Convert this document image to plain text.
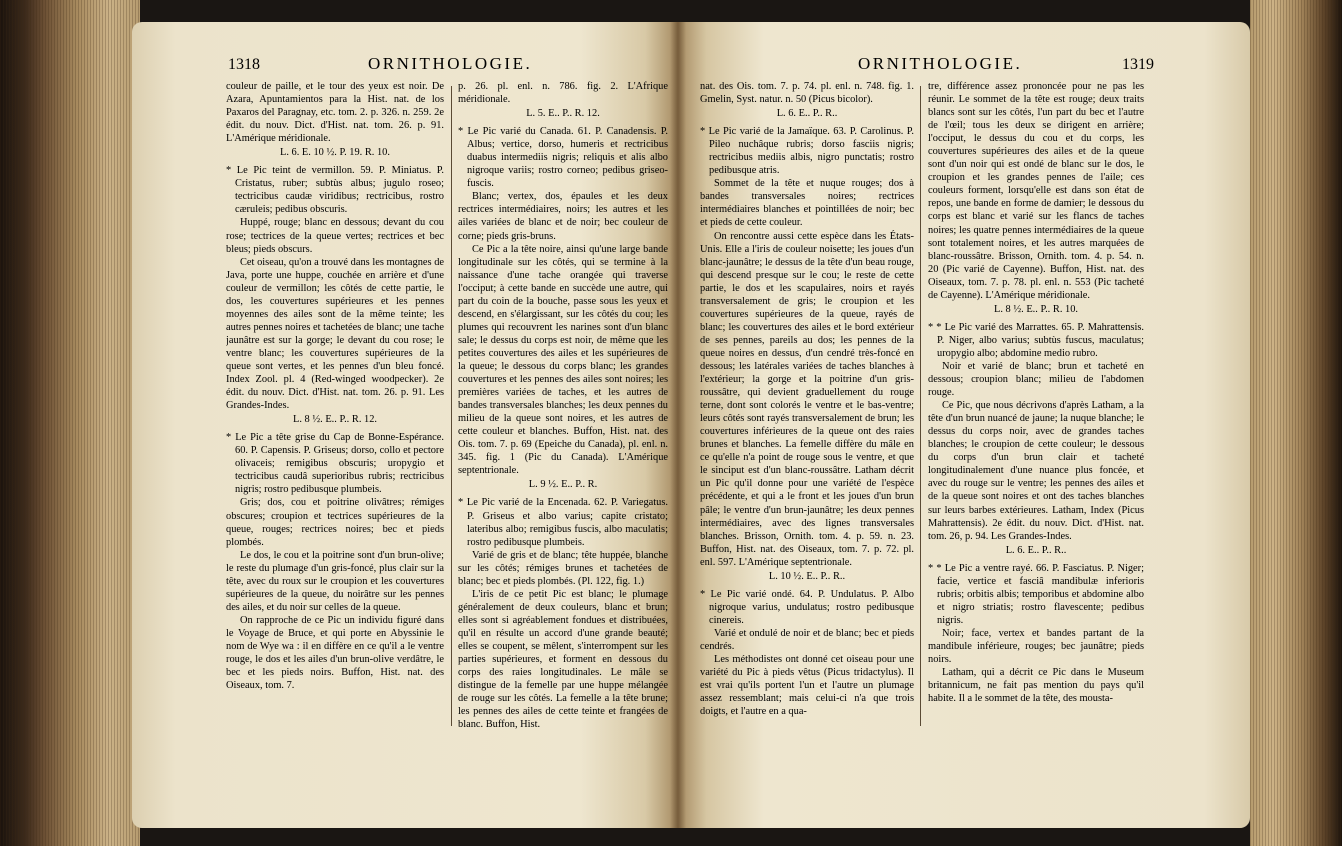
1318	ORNITHOLOGIE.	ORNITHOLOGIE.	1319

couleur de paille, et le tour des yeux est noir. De Azara, Apuntamientos para la Hist. nat. de los Paxaros del Paragnay, etc. tom. 2. p. 326. n. 259. 2e édit. du nouv. Dict. d'Hist. nat. tom. 26. p. 91. L'Amérique méridionale.

L. 6. E. 10 ½. P. 19. R. 10.

* Le Pic teint de vermillon. 59. P. Miniatus. P. Cristatus, ruber; subtùs albus; jugulo roseo; tectricibus caudæ viridibus; rectricibus, rostro cæruleis; pedibus obscuris.

Huppé, rouge; blanc en dessous; devant du cou rose; tectrices de la queue vertes; rectrices et bec bleus; pieds obscurs.

Cet oiseau, qu'on a trouvé dans les montagnes de Java, porte une huppe, couchée en arrière et d'une couleur de vermillon; les côtés de cette partie, le dos, les couvertures supérieures et les pennes moyennes des ailes sont de la même teinte; les autres pennes noires et tachetées de blanc; une tache jaunâtre est sur la gorge; le devant du cou rose; le ventre blanc; les couvertures supérieures de la queue sont vertes, et les pennes d'un bleu foncé. Index Zool. pl. 4 (Red-winged woodpecker). 2e édit. du nouv. Dict. d'Hist. nat. tom. 26. p. 91. Les Grandes-Indes.

L. 8 ½. E.. P.. R. 12.

* Le Pic a tête grise du Cap de Bonne-Espérance. 60. P. Capensis. P. Griseus; dorso, collo et pectore olivaceis; remigibus obscuris; uropygio et tectricibus caudâ superioribus rubris; rectricibus nigris; rostro pedibusque plumbeis.

Gris; dos, cou et poitrine olivâtres; rémiges obscures; croupion et tectrices supérieures de la queue, rouges; rectrices noires; bec et pieds plombés.

Le dos, le cou et la poitrine sont d'un brun-olive; le reste du plumage d'un gris-foncé, plus clair sur la tête, avec du roux sur le croupion et les couvertures supérieures de la queue, du noirâtre sur les pennes des ailes, et du noir sur celles de la queue.

On rapproche de ce Pic un individu figuré dans le Voyage de Bruce, et qui porte en Abyssinie le nom de Wye wa : il en diffère en ce qu'il a le ventre rouge, le dos et les ailes d'un brun-olive verdâtre, le bec et les pieds noirs. Buffon, Hist. nat. des Oiseaux, tom. 7.

p. 26. pl. enl. n. 786. fig. 2. L'Afrique méridionale.

L. 5. E.. P.. R. 12.

* Le Pic varié du Canada. 61. P. Canadensis. P. Albus; vertice, dorso, humeris et rectricibus duabus intermediis nigris; reliquis et alis albo nigroque variis; rostro corneo; pedibus griseo-fuscis.

Blanc; vertex, dos, épaules et les deux rectrices intermédiaires, noirs; les autres et les ailes variées de blanc et de noir; bec couleur de corne; pieds gris-bruns.

Ce Pic a la tête noire, ainsi qu'une large bande longitudinale sur les côtés, qui se termine à la naissance d'une tache orangée qui traverse l'occiput; à cette bande en succède une autre, qui part du coin de la bouche, passe sous les yeux et descend, en s'élargissant, sur les côtés du cou; les plumes qui recouvrent les narines sont d'un blanc sale; le dessus du corps est noir, de même que les petites couvertures des ailes et les supérieures de la queue; le dessous du corps blanc; les grandes couvertures et les pennes des ailes sont noires; les premières variées de taches, et les autres de bandes transversales blanches; les deux pennes du milieu de la queue sont noires, et les autres de cette couleur et blanches. Buffon, Hist. nat. des Ois. tom. 7. p. 69 (Epeiche du Canada), pl. enl. n. 345. fig. 1 (Pic du Canada). L'Amérique septentrionale.

L. 9 ½. E.. P.. R.

* Le Pic varié de la Encenada. 62. P. Variegatus. P. Griseus et albo varius; capite cristato; lateribus albo; remigibus fuscis, albo maculatis; rostro pedibusque plumbeis.

Varié de gris et de blanc; tête huppée, blanche sur les côtés; rémiges brunes et tachetées de blanc; bec et pieds plombés. (Pl. 122, fig. 1.)

L'iris de ce petit Pic est blanc; le plumage généralement de deux couleurs, blanc et brun; elles sont si agréablement fondues et distribuées, qu'il en résulte un accord d'une grande beauté; elles se coupent, se mêlent, s'interrompent sur les parties supérieures, et forment en dessous du corps des raies longitudinales. Le mâle se distingue de la femelle par une huppe mélangée de rouge sur les côtés. La femelle a la tête brune; les pennes des ailes de cette teinte et frangées de blanc. Buffon, Hist.

nat. des Ois. tom. 7. p. 74. pl. enl. n. 748. fig. 1. Gmelin, Syst. natur. n. 50 (Picus bicolor).

L. 6. E.. P.. R..

* Le Pic varié de la Jamaïque. 63. P. Carolinus. P. Pileo nuchâque rubris; dorso fasciis nigris; rectricibus mediis albis, nigro punctatis; rostro pedibusque atris.

Sommet de la tête et nuque rouges; dos à bandes transversales noires; rectrices intermédiaires blanches et pointillées de noir; bec et pieds de cette couleur.

On rencontre aussi cette espèce dans les États-Unis. Elle a l'iris de couleur noisette; les joues d'un blanc-jaunâtre; le dessus de la tête d'un beau rouge, qui descend presque sur le cou; le reste de cette partie, le dos et les scapulaires, noirs et rayés transversalement de gris; le croupion et les couvertures supérieures de la queue, rayés de blanc; les couvertures des ailes et le bord extérieur de ses pennes, pareils au dos; les pennes de la queue noires en dessus, d'un cendré très-foncé en dessous; les latérales variées de taches blanches à l'extérieur; la gorge et la poitrine d'un gris-roussâtre, qui devient graduellement du rouge terne, dont sont colorés le ventre et le bas-ventre; leurs côtés sont rayés transversalement de brun; les couvertures inférieures de la queue ont des raies brunes et blanches. La femelle diffère du mâle en ce qu'elle n'a point de rouge sous le ventre, et que le sinciput est d'un blanc-roussâtre. Latham décrit un Pic qu'il donne pour une variété de l'espèce précédente, et qui a le front et les joues d'un brun pâle; le ventre d'un brun-jaunâtre; les deux pennes intermédiaires, avec des lignes transversales blanches. Brisson, Ornith. tom. 4. p. 59. n. 23. Buffon, Hist. nat. des Oiseaux, tom. 7. p. 72. pl. enl. 597. L'Amérique septentrionale.

L. 10 ½. E.. P.. R..

* Le Pic varié ondé. 64. P. Undulatus. P. Albo nigroque varius, undulatus; rostro pedibusque cinereis.

Varié et ondulé de noir et de blanc; bec et pieds cendrés.

Les méthodistes ont donné cet oiseau pour une variété du Pic à pieds vêtus (Picus tridactylus). Il est vrai qu'ils portent l'un et l'autre un plumage assez ressemblant; mais celui-ci n'a que trois doigts, et l'autre en a qua-

tre, différence assez prononcée pour ne pas les réunir. Le sommet de la tête est rouge; deux traits blancs sont sur les côtés, l'un part du bec et l'autre de l'œil; tous les deux se dirigent en arrière; l'occiput, le dessus du cou et du corps, les couvertures supérieures des ailes et de la queue sont d'un noir qui est ondé de blanc sur le dos, le croupion et les grandes pennes de l'aile; ces couleurs forment, lorsqu'elle est dans son état de repos, une bande en forme de damier; le dessous du corps est blanc et varié sur les flancs de taches noires; les quatre pennes intermédiaires de la queue sont totalement noires, et les autres marquées de blanc-roussâtre. Brisson, Ornith. tom. 4. p. 54. n. 20 (Pic varié de Cayenne). Buffon, Hist. nat. des Oiseaux, tom. 7. p. 78. pl. enl. n. 553 (Pic tacheté de Cayenne). L'Amérique méridionale.

L. 8 ½. E.. P.. R. 10.

* * Le Pic varié des Marrattes. 65. P. Mahrattensis. P. Niger, albo varius; subtùs fuscus, maculatus; uropygio albo; abdomine medio rubro.

Noir et varié de blanc; brun et tacheté en dessous; croupion blanc; milieu de l'abdomen rouge.

Ce Pic, que nous décrivons d'après Latham, a la tête d'un brun nuancé de jaune; la nuque blanche; le dessus du corps noir, avec de grandes taches blanches; le croupion de cette couleur; le dessous du corps d'un brun clair et tacheté longitudinalement d'une nuance plus foncée, et avec du rouge sur le ventre; les pennes des ailes et de la queue sont noires et ont des taches blanches sur leurs barbes extérieures. Latham, Index (Picus Mahrattensis). 2e édit. du nouv. Dict. d'Hist. nat. tom. 26, p. 94. Les Grandes-Indes.

L. 6. E.. P.. R..

* * Le Pic a ventre rayé. 66. P. Fasciatus. P. Niger; facie, vertice et fasciâ mandibulæ inferioris rubris; orbitis albis; temporibus et abdomine albo et nigro striatis; rostro flavescente; pedibus nigris.

Noir; face, vertex et bandes partant de la mandibule inférieure, rouges; bec jaunâtre; pieds noirs.

Latham, qui a décrit ce Pic dans le Museum britannicum, ne fait pas mention du pays qu'il habite. Il a le sommet de la tête, des mousta-
